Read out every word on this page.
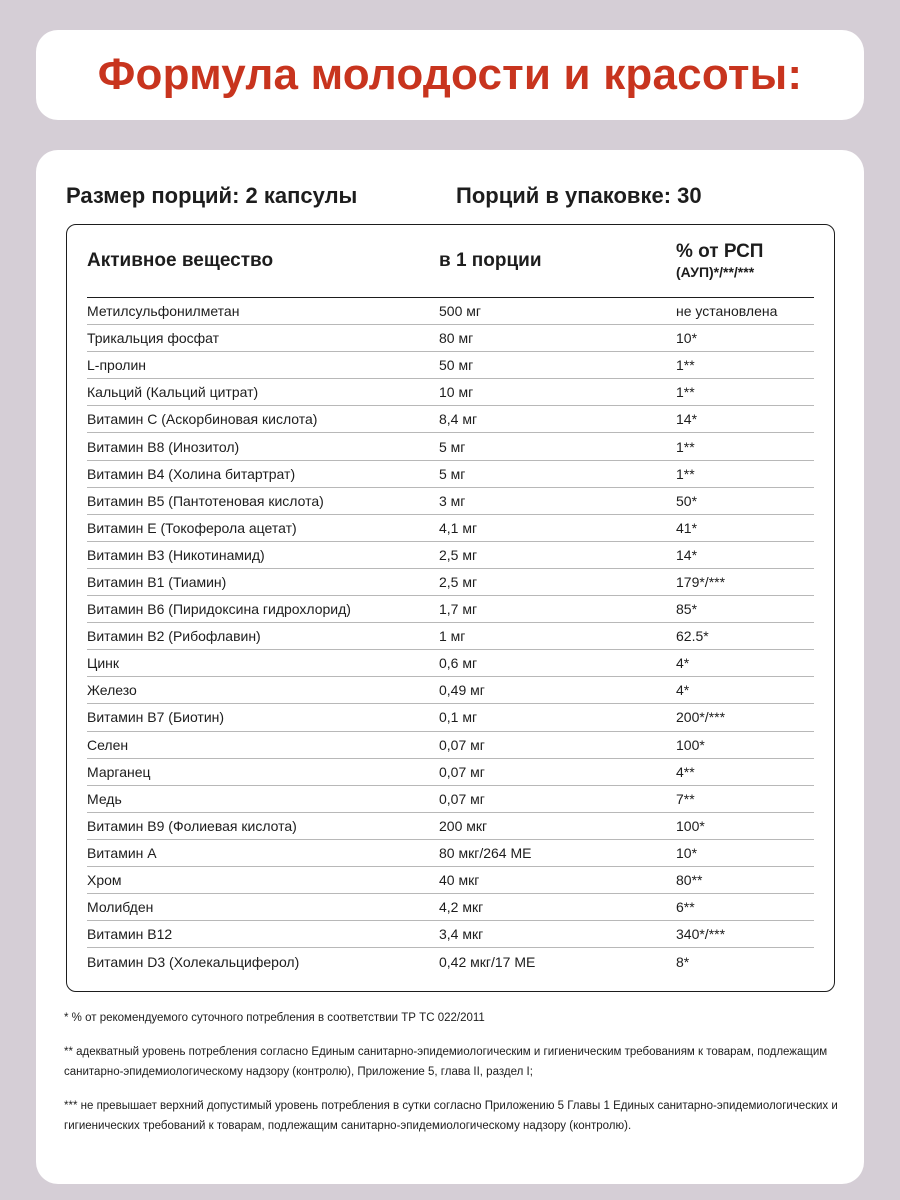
Формула молодости и красоты:
Размер порций: 2 капсулы	Порций в упаковке: 30
Активное вещество	в 1 порции	% от РСП
(АУП)*/**/***
Метилсульфонилметан	500 мг	не установлена
Трикальция фосфат	80 мг	10*
L-пролин	50 мг	1**
Кальций (Кальций цитрат)	10 мг	1**
Витамин С (Аскорбиновая кислота)	8,4 мг	14*
Витамин В8 (Инозитол)	5 мг	1**
Витамин В4 (Холина битартрат)	5 мг	1**
Витамин В5 (Пантотеновая кислота)	3 мг	50*
Витамин Е (Токоферола ацетат)	4,1 мг	41*
Витамин В3 (Никотинамид)	2,5 мг	14*
Витамин В1 (Тиамин)	2,5 мг	179*/***
Витамин В6 (Пиридоксина гидрохлорид)	1,7 мг	85*
Витамин В2 (Рибофлавин)	1 мг	62.5*
Цинк	0,6 мг	4*
Железо	0,49 мг	4*
Витамин В7 (Биотин)	0,1 мг	200*/***
Селен	0,07 мг	100*
Марганец	0,07 мг	4**
Медь	0,07 мг	7**
Витамин В9 (Фолиевая кислота)	200 мкг	100*
Витамин А	80 мкг/264 МЕ	10*
Хром	40 мкг	80**
Молибден	4,2 мкг	6**
Витамин В12	3,4 мкг	340*/***
Витамин D3 (Холекальциферол)	0,42 мкг/17 МЕ	8*

* % от рекомендуемого суточного потребления в соответствии ТР ТС 022/2011

** адекватный уровень потребления согласно Единым санитарно-эпидемиологическим и гигиеническим требованиям к товарам, подлежащим санитарно-эпидемиологическому надзору (контролю), Приложение 5, глава II, раздел I;

*** не превышает верхний допустимый уровень потребления в сутки согласно Приложению 5 Главы 1 Единых санитарно-эпидемиологических и гигиенических требований к товарам, подлежащим санитарно-эпидемиологическому надзору (контролю).
